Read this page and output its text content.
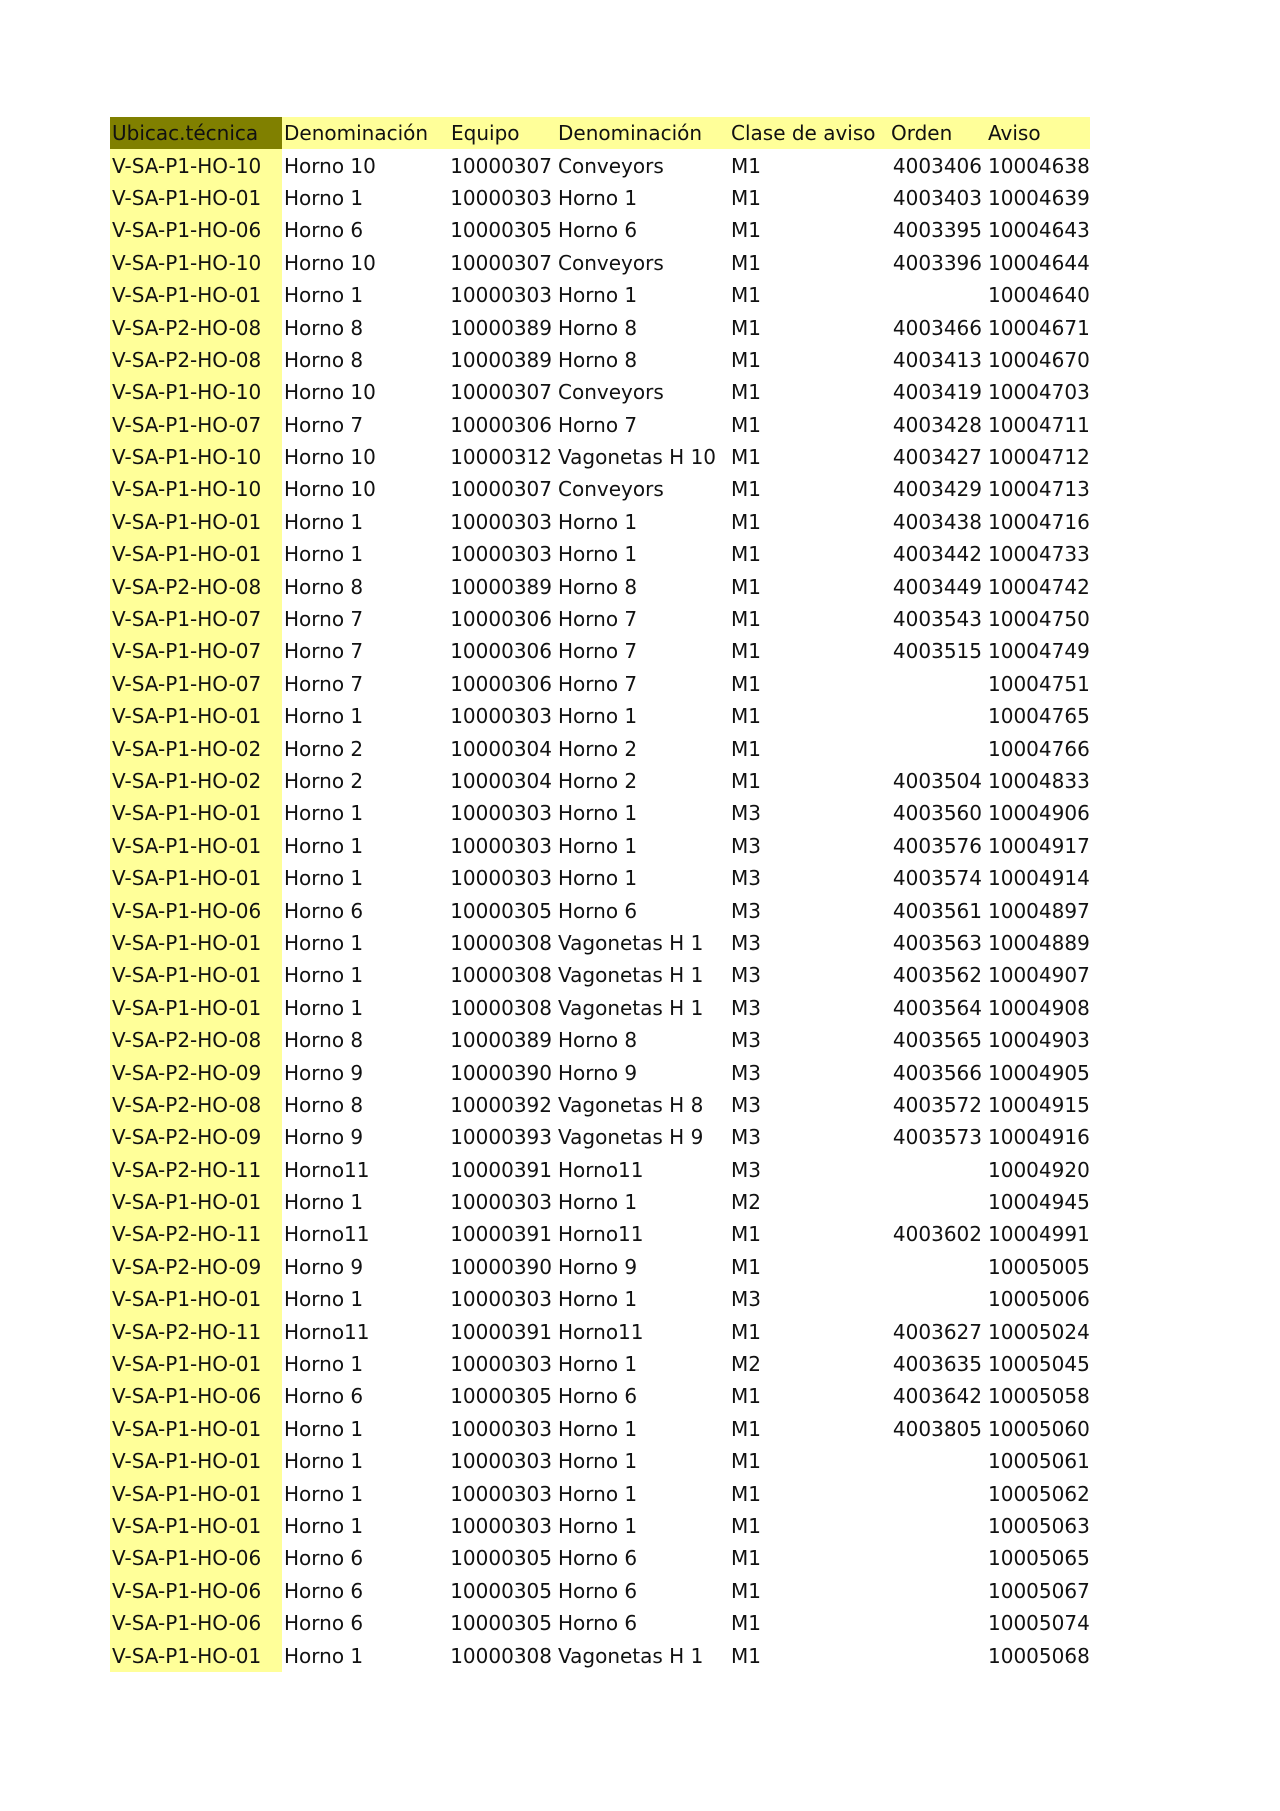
Ubicac.técnica	Denominación	Equipo	Denominación	Clase de aviso	Orden	Aviso
V-SA-P1-HO-10	Horno 10	10000307	Conveyors	M1	4003406	10004638
V-SA-P1-HO-01	Horno 1	10000303	Horno 1	M1	4003403	10004639
V-SA-P1-HO-06	Horno 6	10000305	Horno 6	M1	4003395	10004643
V-SA-P1-HO-10	Horno 10	10000307	Conveyors	M1	4003396	10004644
V-SA-P1-HO-01	Horno 1	10000303	Horno 1	M1		10004640
V-SA-P2-HO-08	Horno 8	10000389	Horno 8	M1	4003466	10004671
V-SA-P2-HO-08	Horno 8	10000389	Horno 8	M1	4003413	10004670
V-SA-P1-HO-10	Horno 10	10000307	Conveyors	M1	4003419	10004703
V-SA-P1-HO-07	Horno 7	10000306	Horno 7	M1	4003428	10004711
V-SA-P1-HO-10	Horno 10	10000312	Vagonetas H 10	M1	4003427	10004712
V-SA-P1-HO-10	Horno 10	10000307	Conveyors	M1	4003429	10004713
V-SA-P1-HO-01	Horno 1	10000303	Horno 1	M1	4003438	10004716
V-SA-P1-HO-01	Horno 1	10000303	Horno 1	M1	4003442	10004733
V-SA-P2-HO-08	Horno 8	10000389	Horno 8	M1	4003449	10004742
V-SA-P1-HO-07	Horno 7	10000306	Horno 7	M1	4003543	10004750
V-SA-P1-HO-07	Horno 7	10000306	Horno 7	M1	4003515	10004749
V-SA-P1-HO-07	Horno 7	10000306	Horno 7	M1		10004751
V-SA-P1-HO-01	Horno 1	10000303	Horno 1	M1		10004765
V-SA-P1-HO-02	Horno 2	10000304	Horno 2	M1		10004766
V-SA-P1-HO-02	Horno 2	10000304	Horno 2	M1	4003504	10004833
V-SA-P1-HO-01	Horno 1	10000303	Horno 1	M3	4003560	10004906
V-SA-P1-HO-01	Horno 1	10000303	Horno 1	M3	4003576	10004917
V-SA-P1-HO-01	Horno 1	10000303	Horno 1	M3	4003574	10004914
V-SA-P1-HO-06	Horno 6	10000305	Horno 6	M3	4003561	10004897
V-SA-P1-HO-01	Horno 1	10000308	Vagonetas H 1	M3	4003563	10004889
V-SA-P1-HO-01	Horno 1	10000308	Vagonetas H 1	M3	4003562	10004907
V-SA-P1-HO-01	Horno 1	10000308	Vagonetas H 1	M3	4003564	10004908
V-SA-P2-HO-08	Horno 8	10000389	Horno 8	M3	4003565	10004903
V-SA-P2-HO-09	Horno 9	10000390	Horno 9	M3	4003566	10004905
V-SA-P2-HO-08	Horno 8	10000392	Vagonetas H 8	M3	4003572	10004915
V-SA-P2-HO-09	Horno 9	10000393	Vagonetas H 9	M3	4003573	10004916
V-SA-P2-HO-11	Horno11	10000391	Horno11	M3		10004920
V-SA-P1-HO-01	Horno 1	10000303	Horno 1	M2		10004945
V-SA-P2-HO-11	Horno11	10000391	Horno11	M1	4003602	10004991
V-SA-P2-HO-09	Horno 9	10000390	Horno 9	M1		10005005
V-SA-P1-HO-01	Horno 1	10000303	Horno 1	M3		10005006
V-SA-P2-HO-11	Horno11	10000391	Horno11	M1	4003627	10005024
V-SA-P1-HO-01	Horno 1	10000303	Horno 1	M2	4003635	10005045
V-SA-P1-HO-06	Horno 6	10000305	Horno 6	M1	4003642	10005058
V-SA-P1-HO-01	Horno 1	10000303	Horno 1	M1	4003805	10005060
V-SA-P1-HO-01	Horno 1	10000303	Horno 1	M1		10005061
V-SA-P1-HO-01	Horno 1	10000303	Horno 1	M1		10005062
V-SA-P1-HO-01	Horno 1	10000303	Horno 1	M1		10005063
V-SA-P1-HO-06	Horno 6	10000305	Horno 6	M1		10005065
V-SA-P1-HO-06	Horno 6	10000305	Horno 6	M1		10005067
V-SA-P1-HO-06	Horno 6	10000305	Horno 6	M1		10005074
V-SA-P1-HO-01	Horno 1	10000308	Vagonetas H 1	M1		10005068
